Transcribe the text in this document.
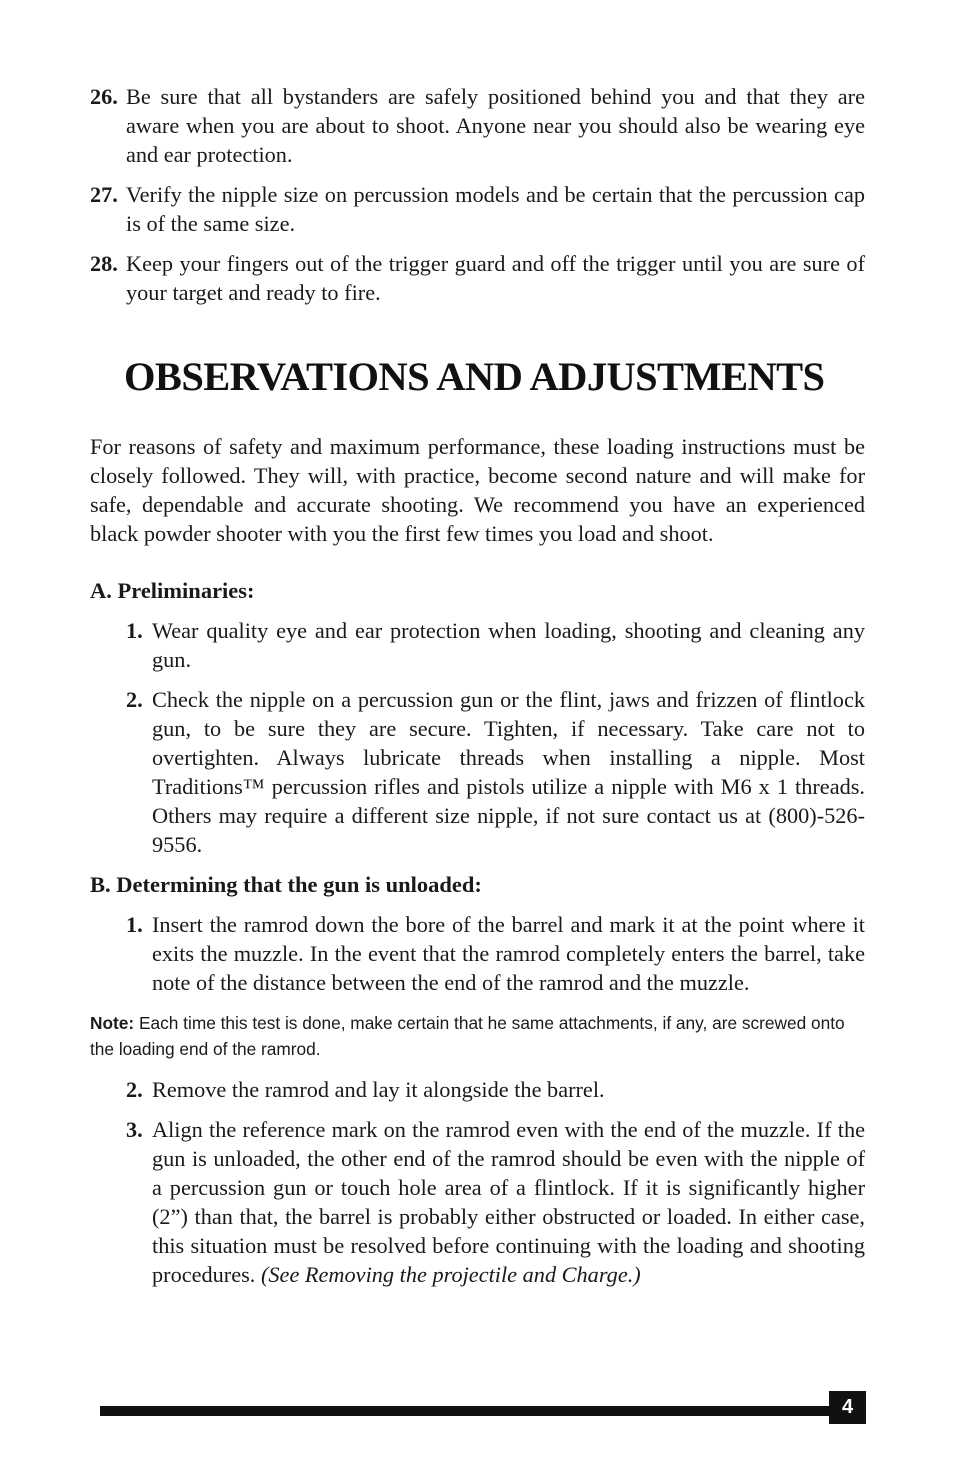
26. Be sure that all bystanders are safely positioned behind you and that they are aware when you are about to shoot. Anyone near you should also be wearing eye and ear protection.
27. Verify the nipple size on percussion models and be certain that the percussion cap is of the same size.
28. Keep your fingers out of the trigger guard and off the trigger until you are sure of your target and ready to fire.
OBSERVATIONS AND ADJUSTMENTS

For reasons of safety and maximum performance, these loading instructions must be closely followed. They will, with practice, become second nature and will make for safe, dependable and accurate shooting. We recommend you have an experienced black powder shooter with you the first few times you load and shoot.

A. Preliminaries:
1. Wear quality eye and ear protection when loading, shooting and cleaning any gun.
2. Check the nipple on a percussion gun or the flint, jaws and frizzen of flintlock gun, to be sure they are secure. Tighten, if necessary. Take care not to overtighten. Always lubricate threads when installing a nipple. Most Traditions™ percussion rifles and pistols utilize a nipple with M6 x 1 threads. Others may require a different size nipple, if not sure contact us at (800)-526-9556.
B. Determining that the gun is unloaded:
1. Insert the ramrod down the bore of the barrel and mark it at the point where it exits the muzzle. In the event that the ramrod completely enters the barrel, take note of the distance between the end of the ramrod and the muzzle.

Note: Each time this test is done, make certain that he same attachments, if any, are screwed onto the loading end of the ramrod.

2. Remove the ramrod and lay it alongside the barrel.
3. Align the reference mark on the ramrod even with the end of the muzzle. If the gun is unloaded, the other end of the ramrod should be even with the nipple of a percussion gun or touch hole area of a flintlock. If it is significantly higher (2”) than that, the barrel is probably either obstructed or loaded. In either case, this situation must be resolved before continuing with the loading and shooting procedures. (See Removing the projectile and Charge.)
4
